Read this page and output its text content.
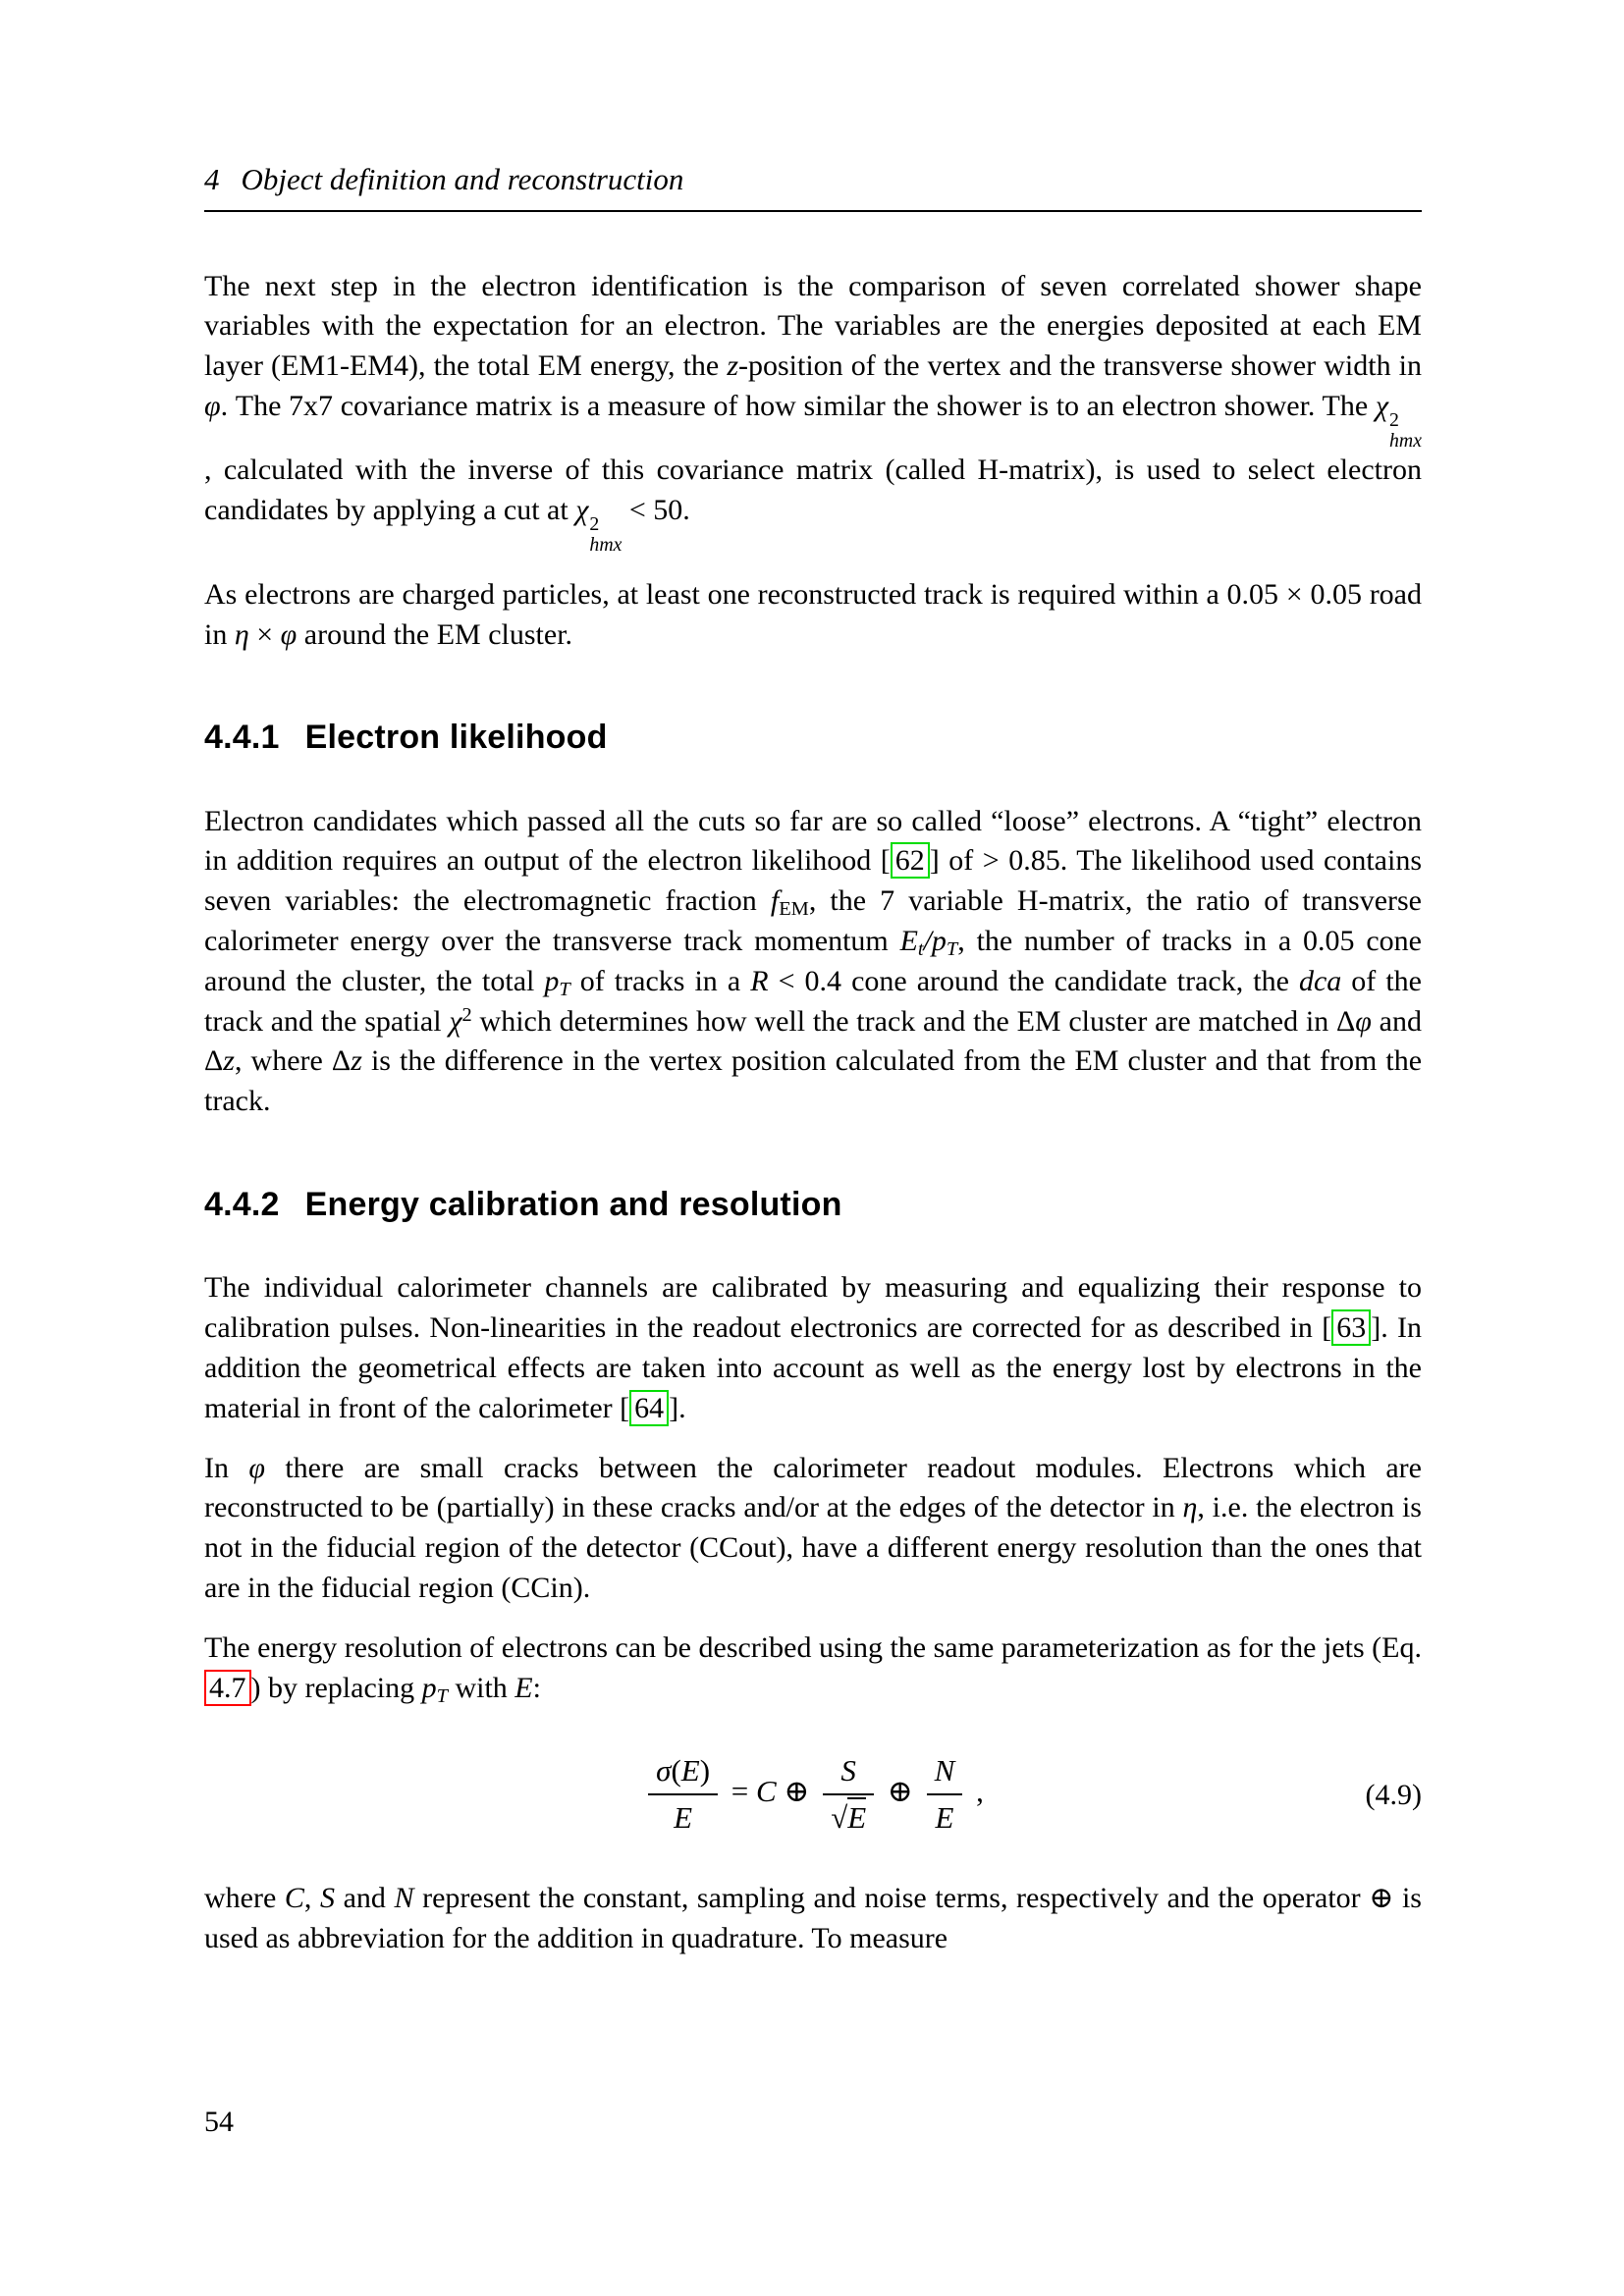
4 Object definition and reconstruction

The next step in the electron identification is the comparison of seven correlated shower shape variables with the expectation for an electron. The variables are the energies deposited at each EM layer (EM1-EM4), the total EM energy, the z-position of the vertex and the transverse shower width in φ. The 7x7 covariance matrix is a measure of how similar the shower is to an electron shower. The χ 2
hmx
, calculated with the inverse of this covariance matrix (called H-matrix), is used to select electron candidates by applying a cut at χ 2
hmx
< 50.

As electrons are charged particles, at least one reconstructed track is required within a 0.05 × 0.05 road in η × φ around the EM cluster.

4.4.1 Electron likelihood

Electron candidates which passed all the cuts so far are so called “loose” electrons. A “tight” electron in addition requires an output of the electron likelihood [ 62 ] of > 0.85. The likelihood used contains seven variables: the electromagnetic fraction $f_{EM}$, the 7 variable H-matrix, the ratio of transverse calorimeter energy over the transverse track momentum $E_t/p_T$, the number of tracks in a 0.05 cone around the cluster, the total $p_T$ of tracks in a R < 0.4 cone around the candidate track, the dca of the track and the spatial $\chi^2$ which determines how well the track and the EM cluster are matched in Δφ and Δz, where Δz is the difference in the vertex position calculated from the EM cluster and that from the track.

4.4.2 Energy calibration and resolution

The individual calorimeter channels are calibrated by measuring and equalizing their response to calibration pulses. Non-linearities in the readout electronics are corrected for as described in [ 63 ]. In addition the geometrical effects are taken into account as well as the energy lost by electrons in the material in front of the calorimeter [ 64 ].

In φ there are small cracks between the calorimeter readout modules. Electrons which are reconstructed to be (partially) in these cracks and/or at the edges of the detector in η, i.e. the electron is not in the fiducial region of the detector (CCout), have a different energy resolution than the ones that are in the fiducial region (CCin).

The energy resolution of electrons can be described using the same parameterization as for the jets (Eq. 4.7 ) by replacing $p_T$ with E:

$\frac{\sigma(E)}{E} = C$ ⊕ $\frac{S}{√E}$ ⊕ $\frac{N}{E}$ ,	(4.9)

where C, S and N represent the constant, sampling and noise terms, respectively and the operator ⊕ is used as abbreviation for the addition in quadrature. To measure

54
